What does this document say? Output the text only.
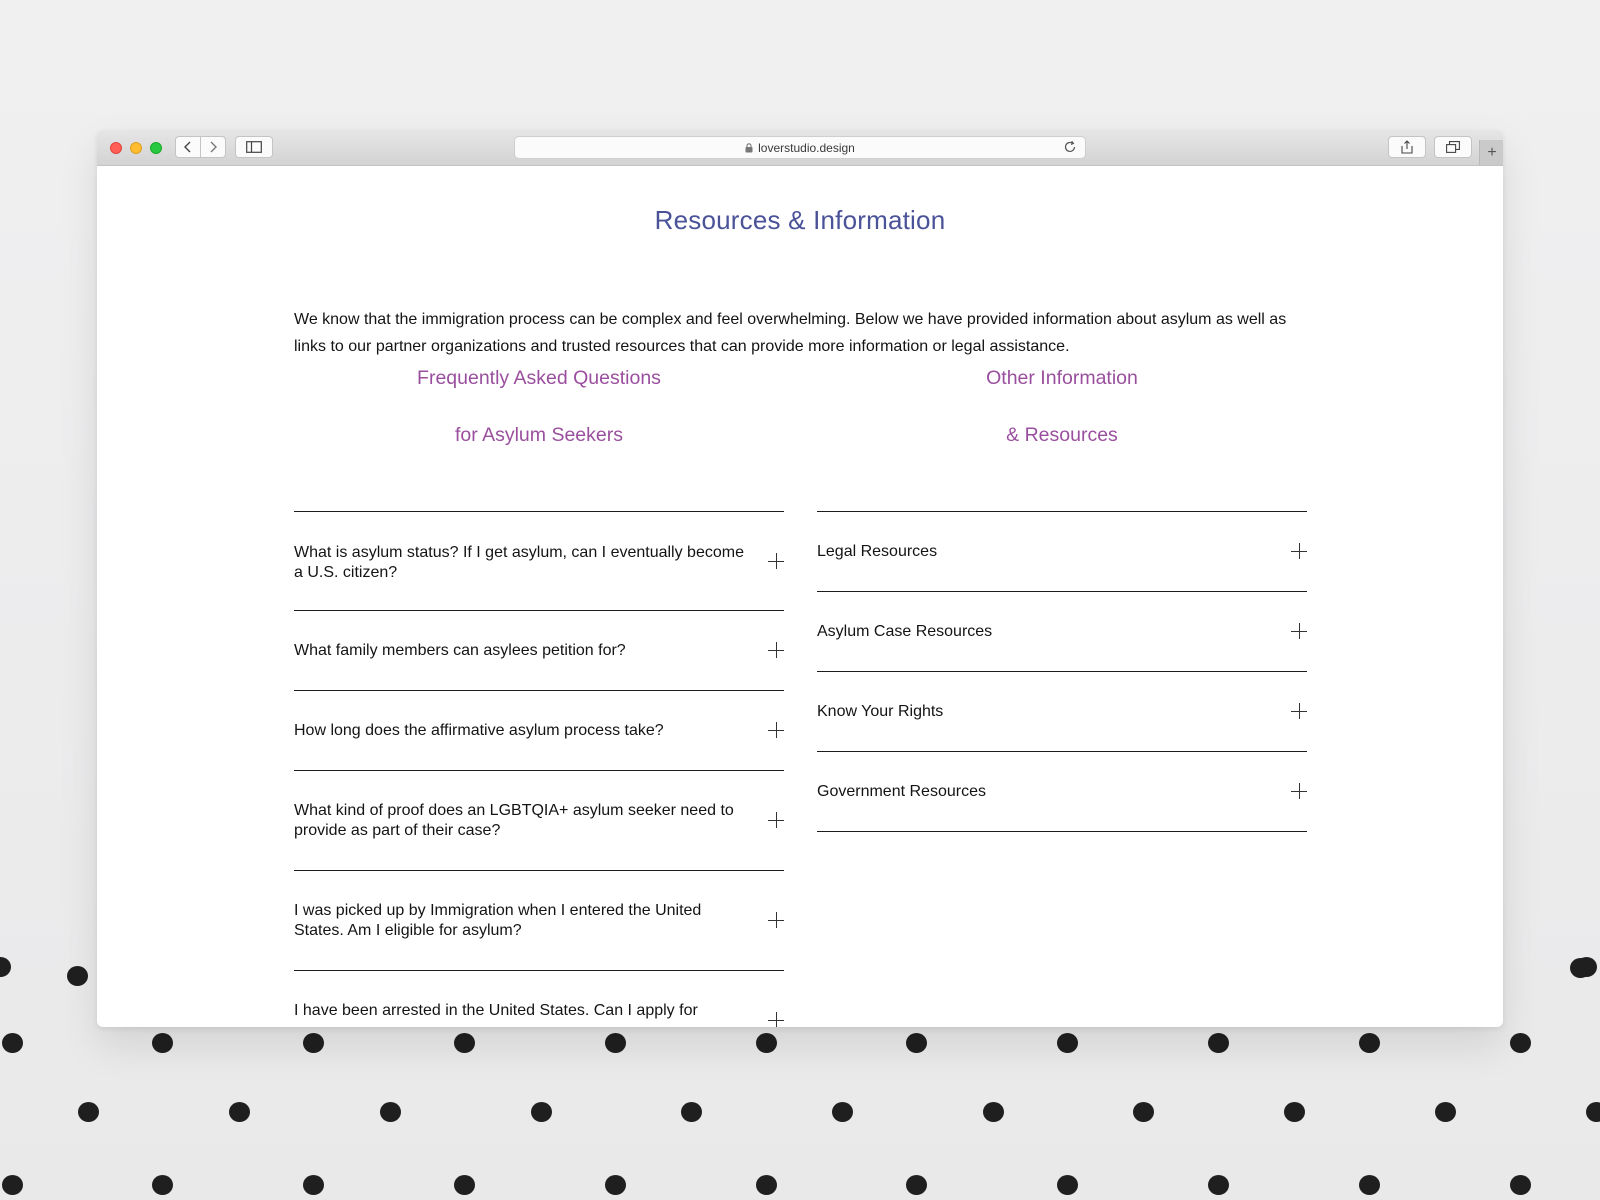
loverstudio.design	+
Resources & Information
We know that the immigration process can be complex and feel overwhelming. Below we have provided information about asylum as well as links to our partner organizations and trusted resources that can provide more information or legal assistance.
Frequently Asked Questions
for Asylum Seekers
Other Information
& Resources
What is asylum status? If I get asylum, can I eventually become a U.S. citizen?
What family members can asylees petition for?
How long does the affirmative asylum process take?
What kind of proof does an LGBTQIA+ asylum seeker need to provide as part of their case?
I was picked up by Immigration when I entered the United States. Am I eligible for asylum?
I have been arrested in the United States. Can I apply for
Legal Resources
Asylum Case Resources
Know Your Rights
Government Resources
